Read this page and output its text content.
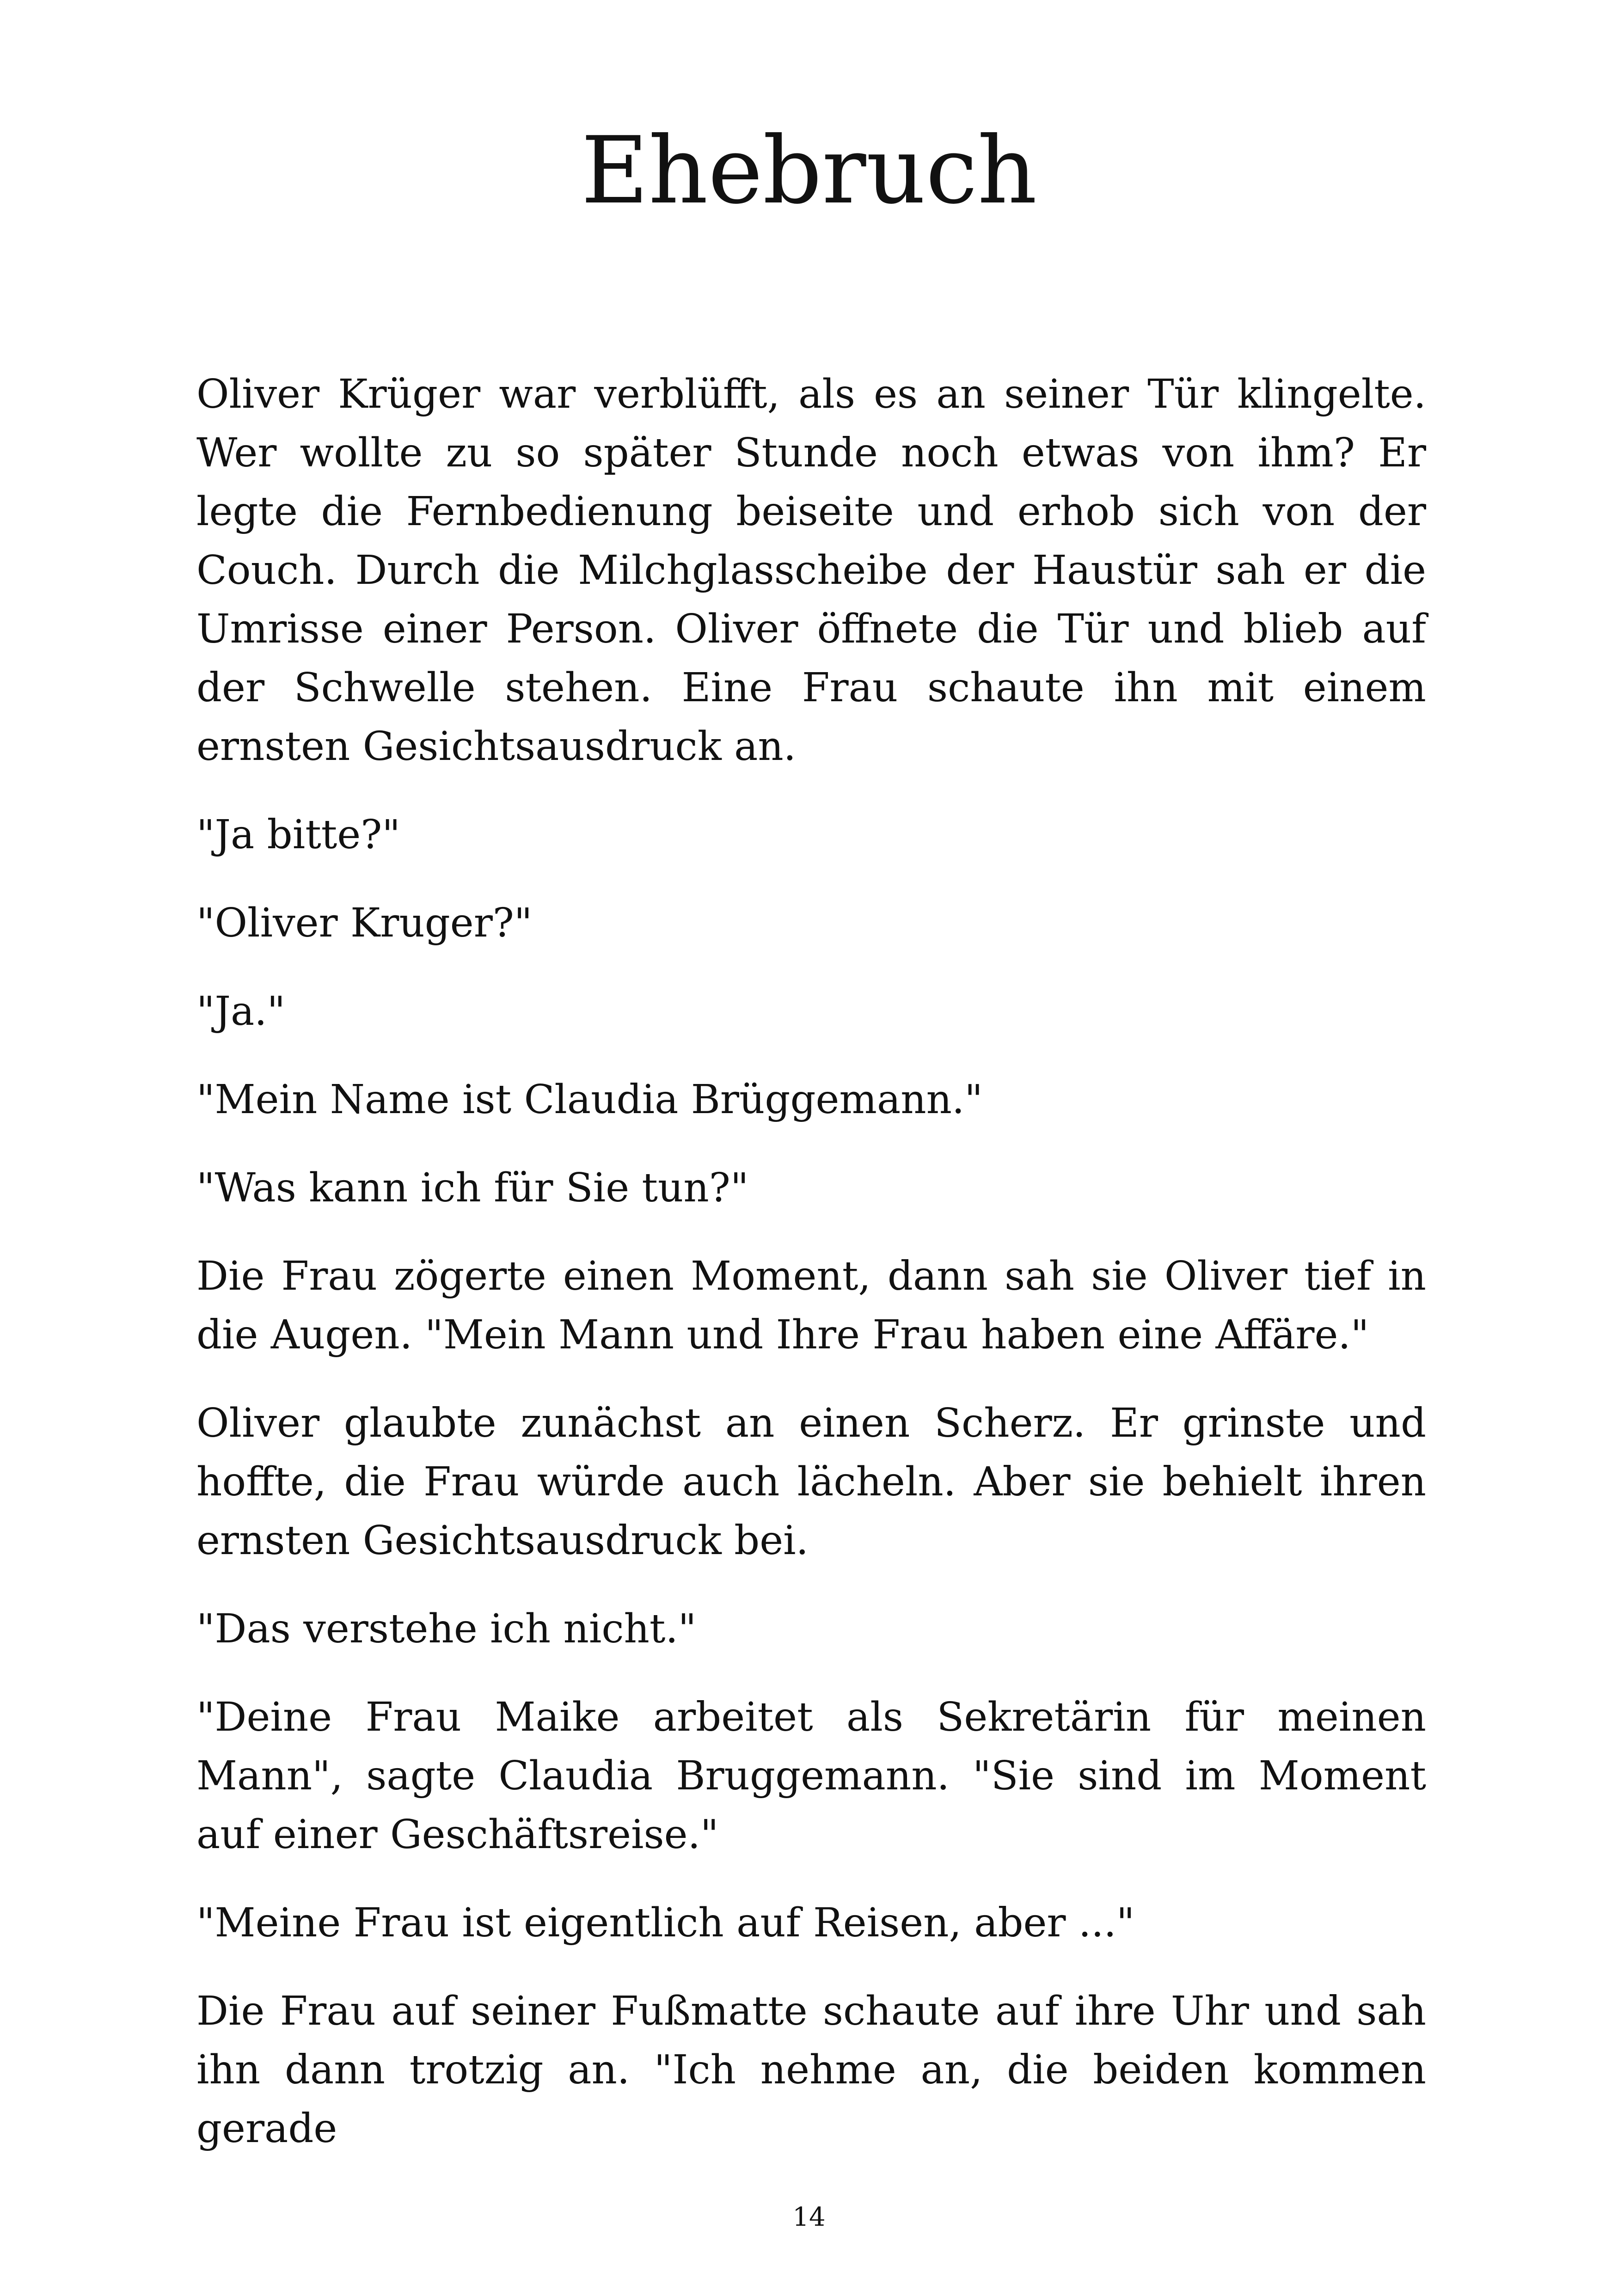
Ehebruch

Oliver Krüger war verblüfft, als es an seiner Tür klingelte. Wer wollte zu so später Stunde noch etwas von ihm? Er legte die Fernbedienung beiseite und erhob sich von der Couch. Durch die Milchglasscheibe der Haustür sah er die Umrisse einer Person. Oliver öffnete die Tür und blieb auf der Schwelle stehen. Eine Frau schaute ihn mit einem ernsten Gesichtsausdruck an.

"Ja bitte?"

"Oliver Kruger?"

"Ja."

"Mein Name ist Claudia Brüggemann."

"Was kann ich für Sie tun?"

Die Frau zögerte einen Moment, dann sah sie Oliver tief in die Augen. "Mein Mann und Ihre Frau haben eine Affäre."

Oliver glaubte zunächst an einen Scherz. Er grinste und hoffte, die Frau würde auch lächeln. Aber sie behielt ihren ernsten Gesichtsausdruck bei.

"Das verstehe ich nicht."

"Deine Frau Maike arbeitet als Sekretärin für meinen Mann", sagte Claudia Bruggemann. "Sie sind im Moment auf einer Geschäftsreise."

"Meine Frau ist eigentlich auf Reisen, aber ..."

Die Frau auf seiner Fußmatte schaute auf ihre Uhr und sah ihn dann trotzig an. "Ich nehme an, die beiden kommen gerade

14
